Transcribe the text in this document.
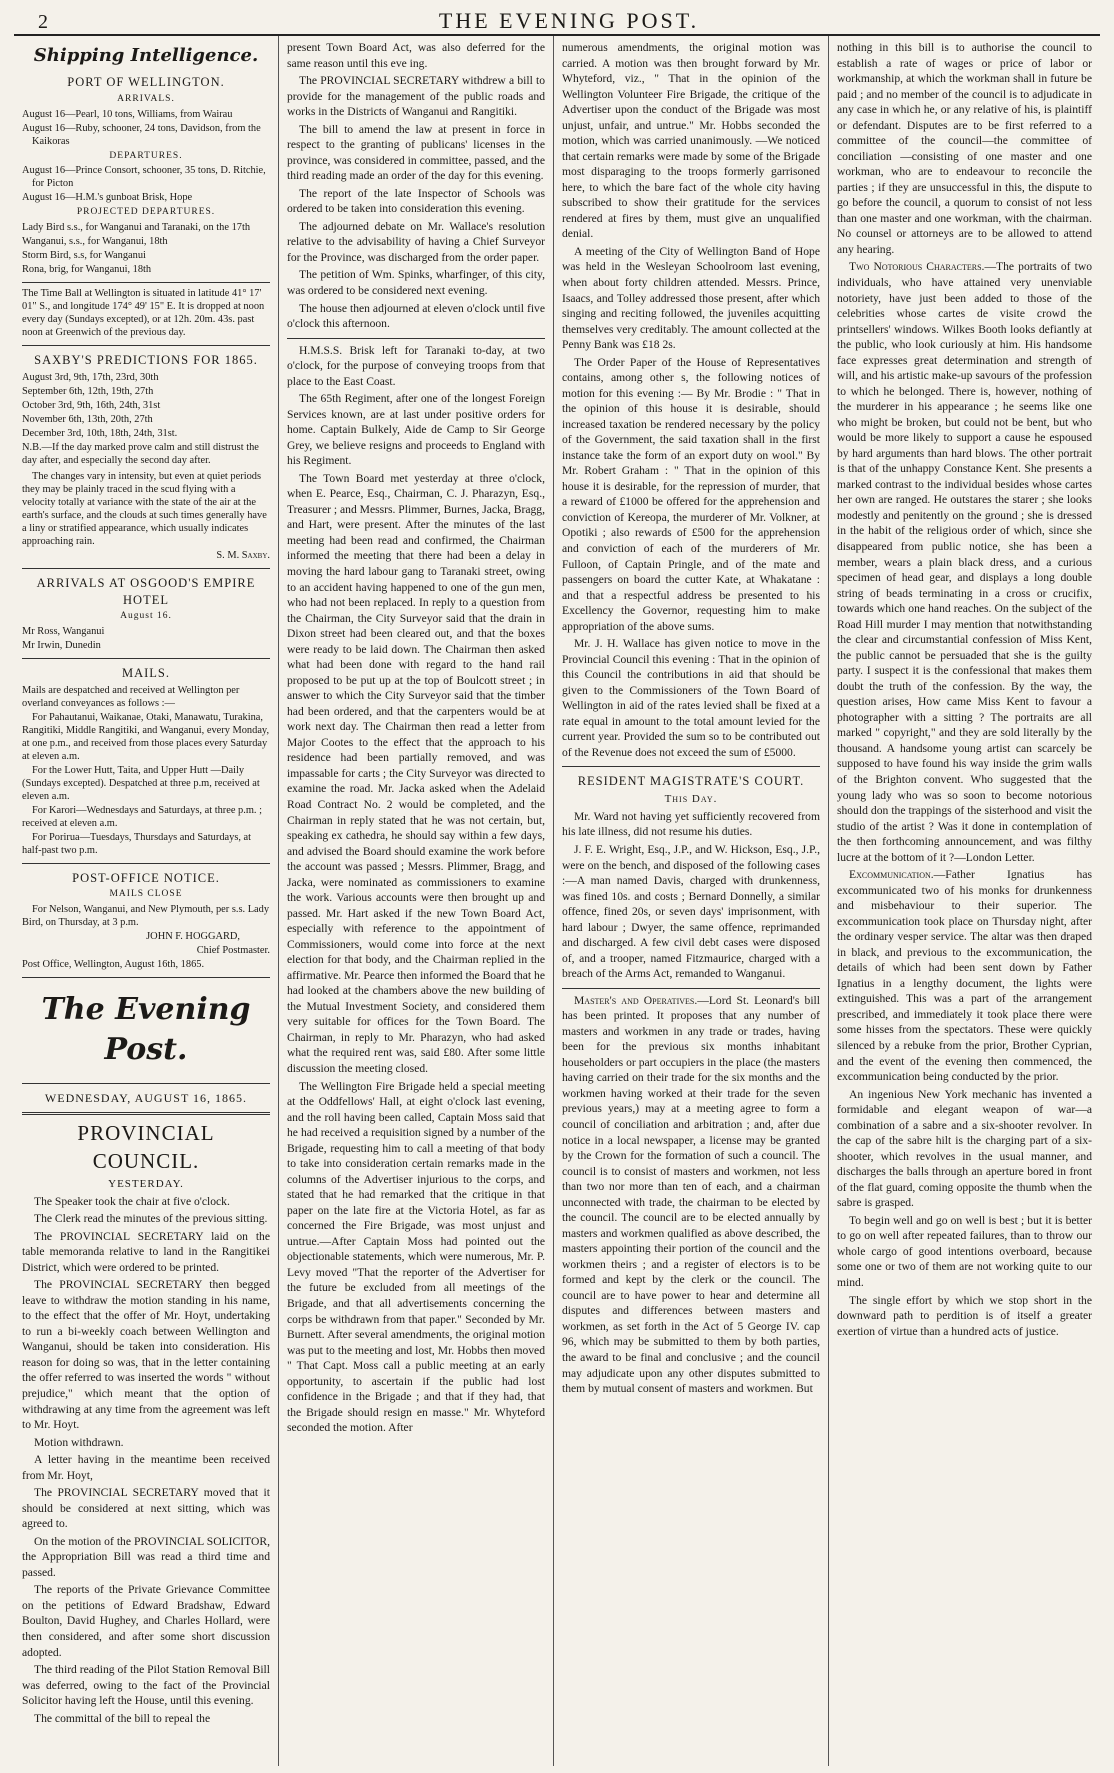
2	THE EVENING POST.
Shipping Intelligence.
PORT OF WELLINGTON.
ARRIVALS.

August 16—Pearl, 10 tons, Williams, from Wairau

August 16—Ruby, schooner, 24 tons, Davidson, from the Kaikoras

DEPARTURES.

August 16—Prince Consort, schooner, 35 tons, D. Ritchie, for Picton

August 16—H.M.'s gunboat Brisk, Hope

PROJECTED DEPARTURES.

Lady Bird s.s., for Wanganui and Taranaki, on the 17th

Wanganui, s.s., for Wanganui, 18th

Storm Bird, s.s, for Wanganui

Rona, brig, for Wanganui, 18th

The Time Ball at Wellington is situated in latitude 41° 17' 01" S., and longitude 174° 49' 15" E. It is dropped at noon every day (Sundays excepted), or at 12h. 20m. 43s. past noon at Greenwich of the previous day.
SAXBY'S PREDICTIONS FOR 1865.

August 3rd, 9th, 17th, 23rd, 30th

September 6th, 12th, 19th, 27th

October 3rd, 9th, 16th, 24th, 31st

November 6th, 13th, 20th, 27th

December 3rd, 10th, 18th, 24th, 31st.

N.B.—If the day marked prove calm and still distrust the day after, and especially the second day after.

The changes vary in intensity, but even at quiet periods they may be plainly traced in the scud flying with a velocity totally at variance with the state of the air at the earth's surface, and the clouds at such times generally have a liny or stratified appearance, which usually indicates approaching rain.

S. M. Saxby.

ARRIVALS AT OSGOOD'S EMPIRE HOTEL
August 16.

Mr Ross, Wanganui

Mr Irwin, Dunedin

MAILS.

Mails are despatched and received at Wellington per overland conveyances as follows :—

For Pahautanui, Waikanae, Otaki, Manawatu, Turakina, Rangitiki, Middle Rangitiki, and Wanganui, every Monday, at one p.m., and received from those places every Saturday at eleven a.m.

For the Lower Hutt, Taita, and Upper Hutt —Daily (Sundays excepted). Despatched at three p.m, received at eleven a.m.

For Karori—Wednesdays and Saturdays, at three p.m. ; received at eleven a.m.

For Porirua—Tuesdays, Thursdays and Saturdays, at half-past two p.m.

POST-OFFICE NOTICE.
MAILS CLOSE

For Nelson, Wanganui, and New Plymouth, per s.s. Lady Bird, on Thursday, at 3 p.m.

JOHN F. HOGGARD,

Chief Postmaster.

Post Office, Wellington, August 16th, 1865.

The Evening Post.
WEDNESDAY, AUGUST 16, 1865.
PROVINCIAL COUNCIL.
YESTERDAY.

The Speaker took the chair at five o'clock.

The Clerk read the minutes of the previous sitting.

The PROVINCIAL SECRETARY laid on the table memoranda relative to land in the Rangitikei District, which were ordered to be printed.

The PROVINCIAL SECRETARY then begged leave to withdraw the motion standing in his name, to the effect that the offer of Mr. Hoyt, undertaking to run a bi-weekly coach between Wellington and Wanganui, should be taken into consideration. His reason for doing so was, that in the letter containing the offer referred to was inserted the words " without prejudice," which meant that the option of withdrawing at any time from the agreement was left to Mr. Hoyt.

Motion withdrawn.

A letter having in the meantime been received from Mr. Hoyt,

The PROVINCIAL SECRETARY moved that it should be considered at next sitting, which was agreed to.

On the motion of the PROVINCIAL SOLICITOR, the Appropriation Bill was read a third time and passed.

The reports of the Private Grievance Committee on the petitions of Edward Bradshaw, Edward Boulton, David Hughey, and Charles Hollard, were then considered, and after some short discussion adopted.

The third reading of the Pilot Station Removal Bill was deferred, owing to the fact of the Provincial Solicitor having left the House, until this evening.

The committal of the bill to repeal the

present Town Board Act, was also deferred for the same reason until this eve ing.

The PROVINCIAL SECRETARY withdrew a bill to provide for the management of the public roads and works in the Districts of Wanganui and Rangitiki.

The bill to amend the law at present in force in respect to the granting of publicans' licenses in the province, was considered in committee, passed, and the third reading made an order of the day for this evening.

The report of the late Inspector of Schools was ordered to be taken into consideration this evening.

The adjourned debate on Mr. Wallace's resolution relative to the advisability of having a Chief Surveyor for the Province, was discharged from the order paper.

The petition of Wm. Spinks, wharfinger, of this city, was ordered to be considered next evening.

The house then adjourned at eleven o'clock until five o'clock this afternoon.

H.M.S.S. Brisk left for Taranaki to-day, at two o'clock, for the purpose of conveying troops from that place to the East Coast.

The 65th Regiment, after one of the longest Foreign Services known, are at last under positive orders for home. Captain Bulkely, Aide de Camp to Sir George Grey, we believe resigns and proceeds to England with his Regiment.

The Town Board met yesterday at three o'clock, when E. Pearce, Esq., Chairman, C. J. Pharazyn, Esq., Treasurer ; and Messrs. Plimmer, Burnes, Jacka, Bragg, and Hart, were present. After the minutes of the last meeting had been read and confirmed, the Chairman informed the meeting that there had been a delay in moving the hard labour gang to Taranaki street, owing to an accident having happened to one of the gun men, who had not been replaced. In reply to a question from the Chairman, the City Surveyor said that the drain in Dixon street had been cleared out, and that the boxes were ready to be laid down. The Chairman then asked what had been done with regard to the hand rail proposed to be put up at the top of Boulcott street ; in answer to which the City Surveyor said that the timber had been ordered, and that the carpenters would be at work next day. The Chairman then read a letter from Major Cootes to the effect that the approach to his residence had been partially removed, and was impassable for carts ; the City Surveyor was directed to examine the road. Mr. Jacka asked when the Adelaid Road Contract No. 2 would be completed, and the Chairman in reply stated that he was not certain, but, speaking ex cathedra, he should say within a few days, and advised the Board should examine the work before the account was passed ; Messrs. Plimmer, Bragg, and Jacka, were nominated as commissioners to examine the work. Various accounts were then brought up and passed. Mr. Hart asked if the new Town Board Act, especially with reference to the appointment of Commissioners, would come into force at the next election for that body, and the Chairman replied in the affirmative. Mr. Pearce then informed the Board that he had looked at the chambers above the new building of the Mutual Investment Society, and considered them very suitable for offices for the Town Board. The Chairman, in reply to Mr. Pharazyn, who had asked what the required rent was, said £80. After some little discussion the meeting closed.

The Wellington Fire Brigade held a special meeting at the Oddfellows' Hall, at eight o'clock last evening, and the roll having been called, Captain Moss said that he had received a requisition signed by a number of the Brigade, requesting him to call a meeting of that body to take into consideration certain remarks made in the columns of the Advertiser injurious to the corps, and stated that he had remarked that the critique in that paper on the late fire at the Victoria Hotel, as far as concerned the Fire Brigade, was most unjust and untrue.—After Captain Moss had pointed out the objectionable statements, which were numerous, Mr. P. Levy moved "That the reporter of the Advertiser for the future be excluded from all meetings of the Brigade, and that all advertisements concerning the corps be withdrawn from that paper." Seconded by Mr. Burnett. After several amendments, the original motion was put to the meeting and lost, Mr. Hobbs then moved " That Capt. Moss call a public meeting at an early opportunity, to ascertain if the public had lost confidence in the Brigade ; and that if they had, that the Brigade should resign en masse." Mr. Whyteford seconded the motion. After

numerous amendments, the original motion was carried. A motion was then brought forward by Mr. Whyteford, viz., " That in the opinion of the Wellington Volunteer Fire Brigade, the critique of the Advertiser upon the conduct of the Brigade was most unjust, unfair, and untrue." Mr. Hobbs seconded the motion, which was carried unanimously. —We noticed that certain remarks were made by some of the Brigade most disparaging to the troops formerly garrisoned here, to which the bare fact of the whole city having subscribed to show their gratitude for the services rendered at fires by them, must give an unqualified denial.

A meeting of the City of Wellington Band of Hope was held in the Wesleyan Schoolroom last evening, when about forty children attended. Messrs. Prince, Isaacs, and Tolley addressed those present, after which singing and reciting followed, the juveniles acquitting themselves very creditably. The amount collected at the Penny Bank was £18 2s.

The Order Paper of the House of Representatives contains, among other s, the following notices of motion for this evening :— By Mr. Brodie : " That in the opinion of this house it is desirable, should increased taxation be rendered necessary by the policy of the Government, the said taxation shall in the first instance take the form of an export duty on wool." By Mr. Robert Graham : " That in the opinion of this house it is desirable, for the repression of murder, that a reward of £1000 be offered for the apprehension and conviction of Kereopa, the murderer of Mr. Volkner, at Opotiki ; also rewards of £500 for the apprehension and conviction of each of the murderers of Mr. Fulloon, of Captain Pringle, and of the mate and passengers on board the cutter Kate, at Whakatane : and that a respectful address be presented to his Excellency the Governor, requesting him to make appropriation of the above sums.

Mr. J. H. Wallace has given notice to move in the Provincial Council this evening : That in the opinion of this Council the contributions in aid that should be given to the Commissioners of the Town Board of Wellington in aid of the rates levied shall be fixed at a rate equal in amount to the total amount levied for the current year. Provided the sum so to be contributed out of the Revenue does not exceed the sum of £5000.

RESIDENT MAGISTRATE'S COURT.
This Day.

Mr. Ward not having yet sufficiently recovered from his late illness, did not resume his duties.

J. F. E. Wright, Esq., J.P., and W. Hickson, Esq., J.P., were on the bench, and disposed of the following cases :—A man named Davis, charged with drunkenness, was fined 10s. and costs ; Bernard Donnelly, a similar offence, fined 20s, or seven days' imprisonment, with hard labour ; Dwyer, the same offence, reprimanded and discharged. A few civil debt cases were disposed of, and a trooper, named Fitzmaurice, charged with a breach of the Arms Act, remanded to Wanganui.

Master's and Operatives.—Lord St. Leonard's bill has been printed. It proposes that any number of masters and workmen in any trade or trades, having been for the previous six months inhabitant householders or part occupiers in the place (the masters having carried on their trade for the six months and the workmen having worked at their trade for the seven previous years,) may at a meeting agree to form a council of conciliation and arbitration ; and, after due notice in a local newspaper, a license may be granted by the Crown for the formation of such a council. The council is to consist of masters and workmen, not less than two nor more than ten of each, and a chairman unconnected with trade, the chairman to be elected by the council. The council are to be elected annually by masters and workmen qualified as above described, the masters appointing their portion of the council and the workmen theirs ; and a register of electors is to be formed and kept by the clerk or the council. The council are to have power to hear and determine all disputes and differences between masters and workmen, as set forth in the Act of 5 George IV. cap 96, which may be submitted to them by both parties, the award to be final and conclusive ; and the council may adjudicate upon any other disputes submitted to them by mutual consent of masters and workmen. But

nothing in this bill is to authorise the council to establish a rate of wages or price of labor or workmanship, at which the workman shall in future be paid ; and no member of the council is to adjudicate in any case in which he, or any relative of his, is plaintiff or defendant. Disputes are to be first referred to a committee of the council—the committee of conciliation —consisting of one master and one workman, who are to endeavour to reconcile the parties ; if they are unsuccessful in this, the dispute to go before the council, a quorum to consist of not less than one master and one workman, with the chairman. No counsel or attorneys are to be allowed to attend any hearing.

Two Notorious Characters.—The portraits of two individuals, who have attained very unenviable notoriety, have just been added to those of the celebrities whose cartes de visite crowd the printsellers' windows. Wilkes Booth looks defiantly at the public, who look curiously at him. His handsome face expresses great determination and strength of will, and his artistic make-up savours of the profession to which he belonged. There is, however, nothing of the murderer in his appearance ; he seems like one who might be broken, but could not be bent, but who would be more likely to support a cause he espoused by hard arguments than hard blows. The other portrait is that of the unhappy Constance Kent. She presents a marked contrast to the individual besides whose cartes her own are ranged. He outstares the starer ; she looks modestly and penitently on the ground ; she is dressed in the habit of the religious order of which, since she disappeared from public notice, she has been a member, wears a plain black dress, and a curious specimen of head gear, and displays a long double string of beads terminating in a cross or crucifix, towards which one hand reaches. On the subject of the Road Hill murder I may mention that notwithstanding the clear and circumstantial confession of Miss Kent, the public cannot be persuaded that she is the guilty party. I suspect it is the confessional that makes them doubt the truth of the confession. By the way, the question arises, How came Miss Kent to favour a photographer with a sitting ? The portraits are all marked " copyright," and they are sold literally by the thousand. A handsome young artist can scarcely be supposed to have found his way inside the grim walls of the Brighton convent. Who suggested that the young lady who was so soon to become notorious should don the trappings of the sisterhood and visit the studio of the artist ? Was it done in contemplation of the then forthcoming announcement, and was filthy lucre at the bottom of it ?—London Letter.

Excommunication.—Father Ignatius has excommunicated two of his monks for drunkenness and misbehaviour to their superior. The excommunication took place on Thursday night, after the ordinary vesper service. The altar was then draped in black, and previous to the excommunication, the details of which had been sent down by Father Ignatius in a lengthy document, the lights were extinguished. This was a part of the arrangement prescribed, and immediately it took place there were some hisses from the spectators. These were quickly silenced by a rebuke from the prior, Brother Cyprian, and the event of the evening then commenced, the excommunication being conducted by the prior.

An ingenious New York mechanic has invented a formidable and elegant weapon of war—a combination of a sabre and a six-shooter revolver. In the cap of the sabre hilt is the charging part of a six-shooter, which revolves in the usual manner, and discharges the balls through an aperture bored in front of the flat guard, coming opposite the thumb when the sabre is grasped.

To begin well and go on well is best ; but it is better to go on well after repeated failures, than to throw our whole cargo of good intentions overboard, because some one or two of them are not working quite to our mind.

The single effort by which we stop short in the downward path to perdition is of itself a greater exertion of virtue than a hundred acts of justice.
